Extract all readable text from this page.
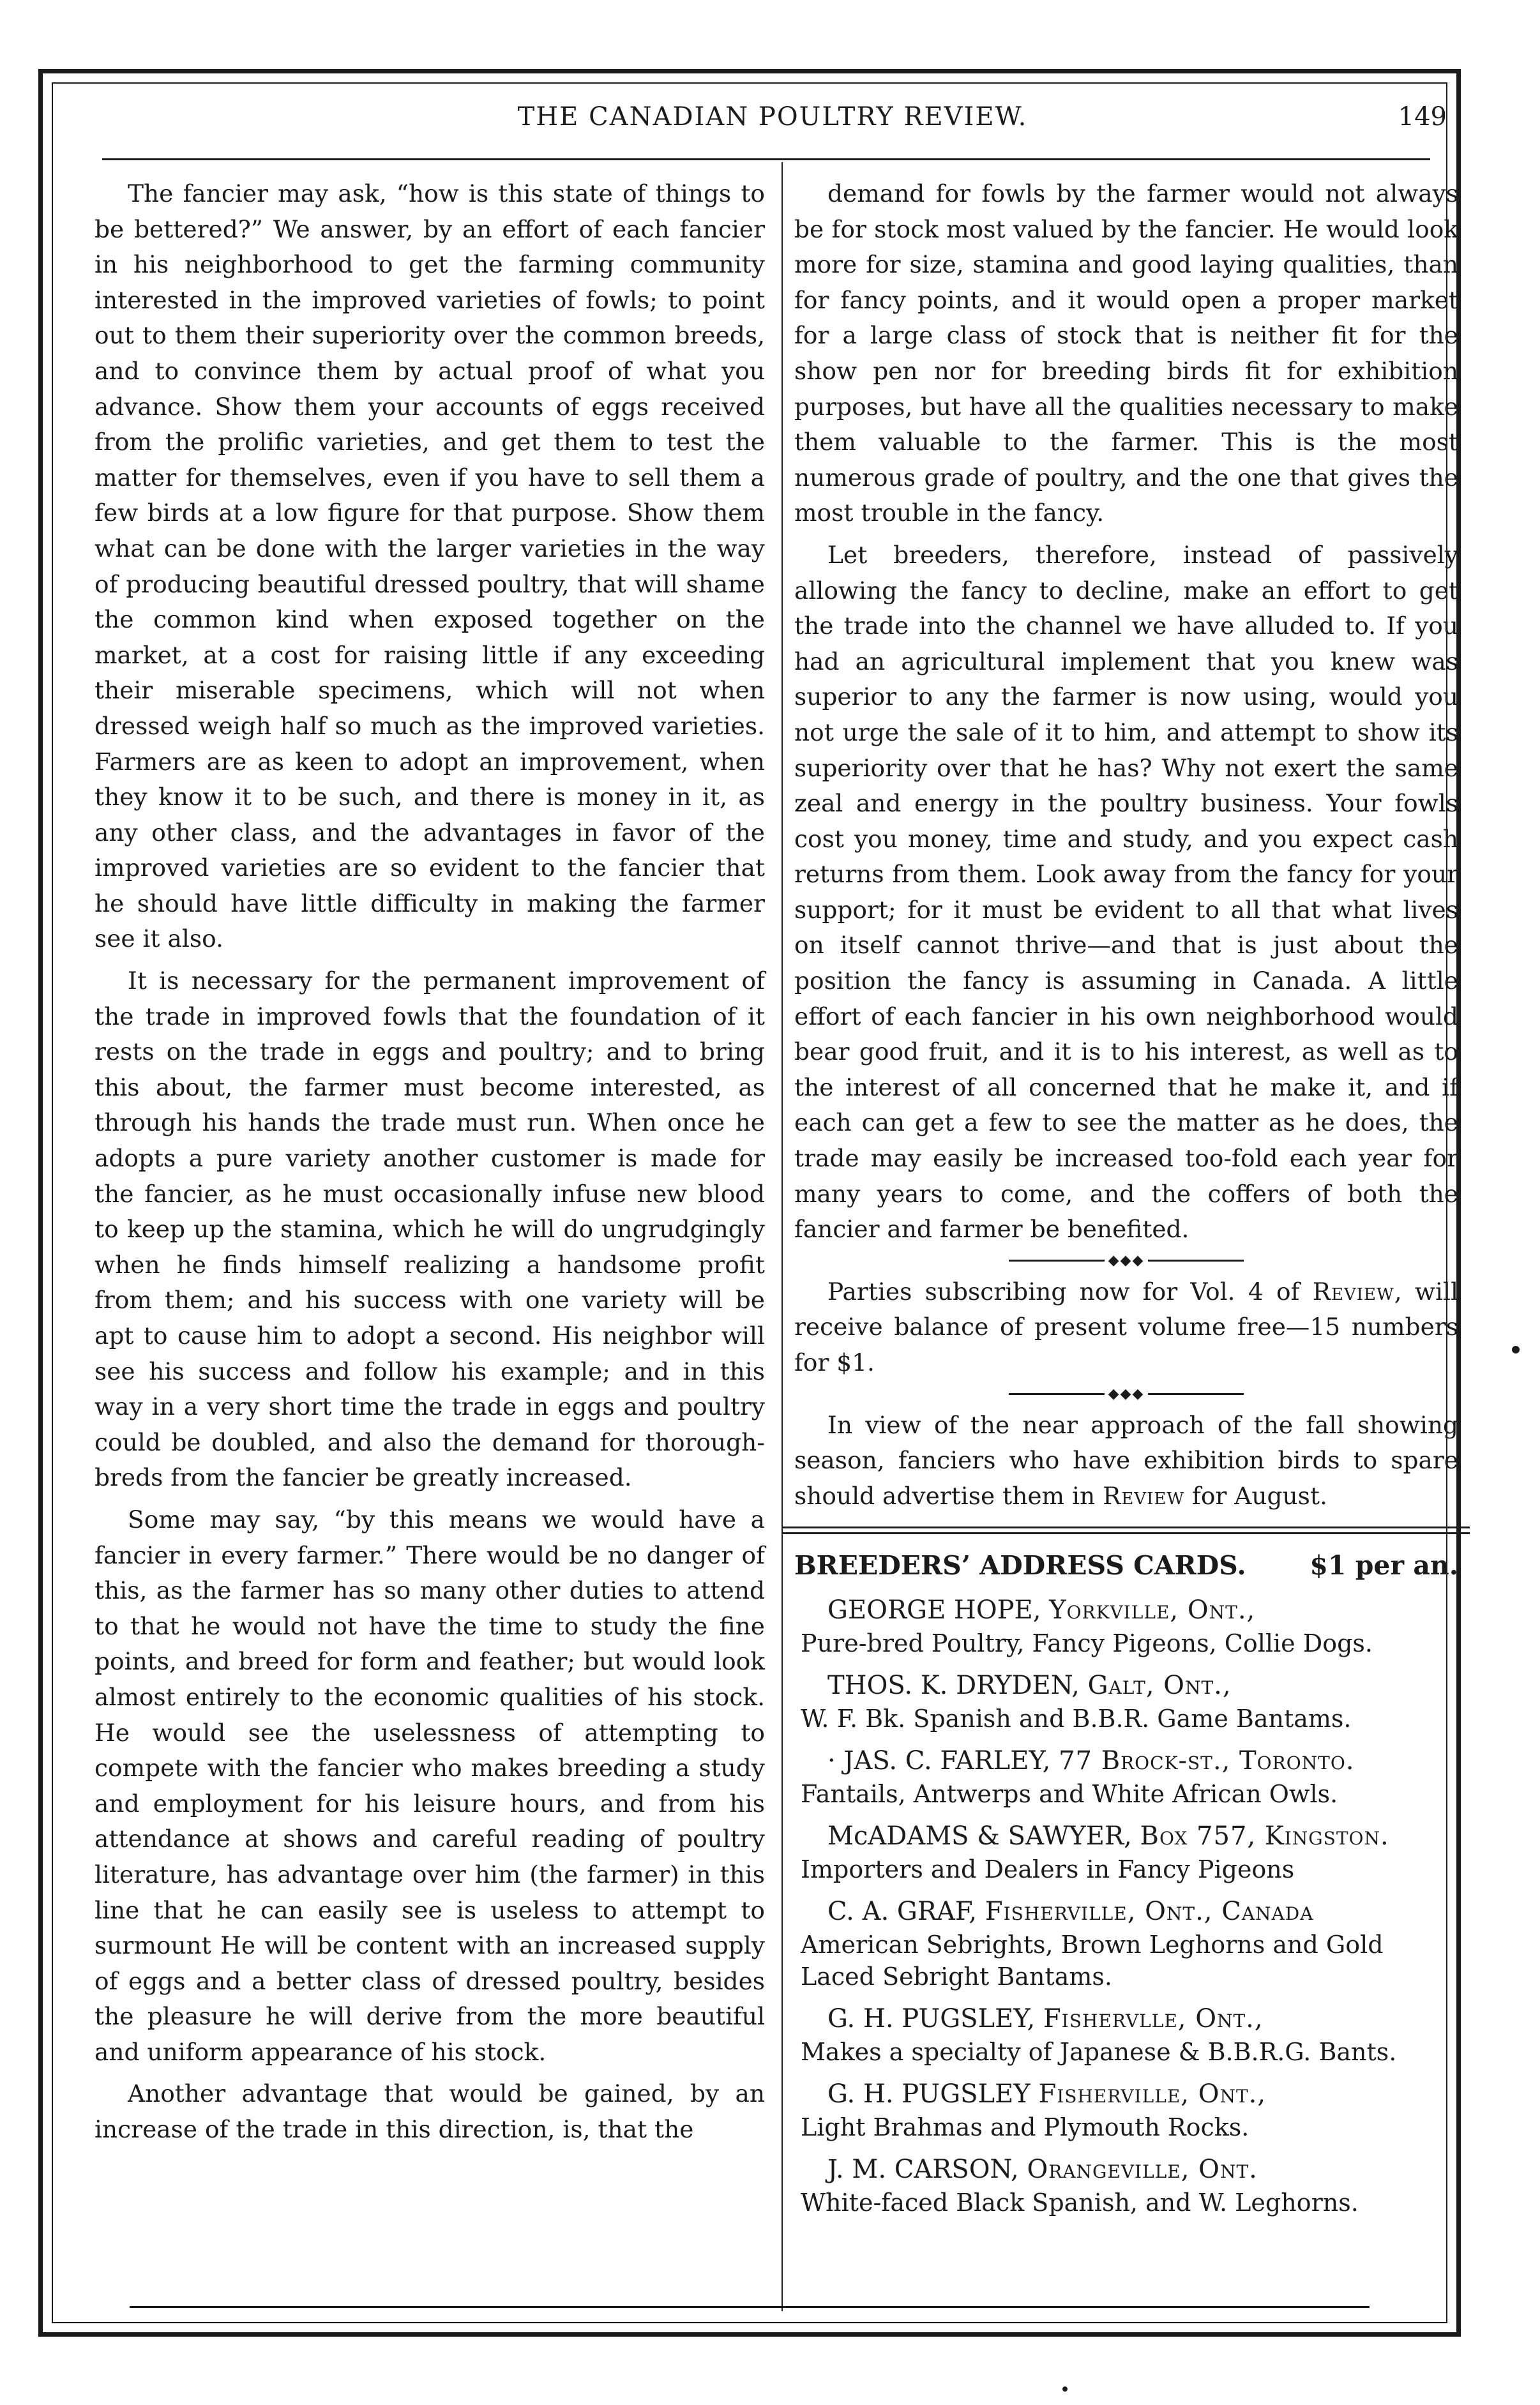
THE CANADIAN POULTRY REVIEW.	149

The fancier may ask, “how is this state of things to be bettered?” We answer, by an effort of each fancier in his neighborhood to get the farming community interested in the improved varieties of fowls; to point out to them their superiority over the common breeds, and to convince them by actual proof of what you advance. Show them your accounts of eggs received from the prolific varieties, and get them to test the matter for themselves, even if you have to sell them a few birds at a low figure for that purpose. Show them what can be done with the larger varieties in the way of producing beautiful dressed poultry, that will shame the common kind when exposed together on the market, at a cost for raising little if any exceeding their miserable specimens, which will not when dressed weigh half so much as the improved varieties. Farmers are as keen to adopt an improvement, when they know it to be such, and there is money in it, as any other class, and the advantages in favor of the improved varieties are so evident to the fancier that he should have little difficulty in making the farmer see it also.

It is necessary for the permanent improvement of the trade in improved fowls that the foundation of it rests on the trade in eggs and poultry; and to bring this about, the farmer must become interested, as through his hands the trade must run. When once he adopts a pure variety another customer is made for the fancier, as he must occasionally infuse new blood to keep up the stamina, which he will do ungrudgingly when he finds himself realizing a handsome profit from them; and his success with one variety will be apt to cause him to adopt a second. His neighbor will see his success and follow his example; and in this way in a very short time the trade in eggs and poultry could be doubled, and also the demand for thorough-breds from the fancier be greatly increased.

Some may say, “by this means we would have a fancier in every farmer.” There would be no danger of this, as the farmer has so many other duties to attend to that he would not have the time to study the fine points, and breed for form and feather; but would look almost entirely to the economic qualities of his stock. He would see the uselessness of attempting to compete with the fancier who makes breeding a study and employment for his leisure hours, and from his attendance at shows and careful reading of poultry literature, has advantage over him (the farmer) in this line that he can easily see is useless to attempt to surmount He will be content with an increased supply of eggs and a better class of dressed poultry, besides the pleasure he will derive from the more beautiful and uniform appearance of his stock.

Another advantage that would be gained, by an increase of the trade in this direction, is, that the

demand for fowls by the farmer would not always be for stock most valued by the fancier. He would look more for size, stamina and good laying qualities, than for fancy points, and it would open a proper market for a large class of stock that is neither fit for the show pen nor for breeding birds fit for exhibition purposes, but have all the qualities necessary to make them valuable to the farmer. This is the most numerous grade of poultry, and the one that gives the most trouble in the fancy.

Let breeders, therefore, instead of passively allowing the fancy to decline, make an effort to get the trade into the channel we have alluded to. If you had an agricultural implement that you knew was superior to any the farmer is now using, would you not urge the sale of it to him, and attempt to show its superiority over that he has? Why not exert the same zeal and energy in the poultry business. Your fowls cost you money, time and study, and you expect cash returns from them. Look away from the fancy for your support; for it must be evident to all that what lives on itself cannot thrive—and that is just about the position the fancy is assuming in Canada. A little effort of each fancier in his own neighborhood would bear good fruit, and it is to his interest, as well as to the interest of all concerned that he make it, and if each can get a few to see the matter as he does, the trade may easily be increased too-fold each year for many years to come, and the coffers of both the fancier and farmer be benefited.

◆◆◆

Parties subscribing now for Vol. 4 of Review, will receive balance of present volume free—15 numbers for $1.

◆◆◆

In view of the near approach of the fall showing season, fanciers who have exhibition birds to spare should advertise them in Review for August.

BREEDERS’ ADDRESS CARDS. $1 per an.
GEORGE HOPE, Yorkville, Ont.,
Pure-bred Poultry, Fancy Pigeons, Collie Dogs.
THOS. K. DRYDEN, Galt, Ont.,
W. F. Bk. Spanish and B.B.R. Game Bantams.
· JAS. C. FARLEY, 77 Brock-st., Toronto.
Fantails, Antwerps and White African Owls.
McADAMS & SAWYER, Box 757, Kingston.
Importers and Dealers in Fancy Pigeons
C. A. GRAF, Fisherville, Ont., Canada
American Sebrights, Brown Leghorns and Gold Laced Sebright Bantams.
G. H. PUGSLEY, Fishervlle, Ont.,
Makes a specialty of Japanese & B.B.R.G. Bants.
G. H. PUGSLEY Fisherville, Ont.,
Light Brahmas and Plymouth Rocks.
J. M. CARSON, Orangeville, Ont.
White-faced Black Spanish, and W. Leghorns.
